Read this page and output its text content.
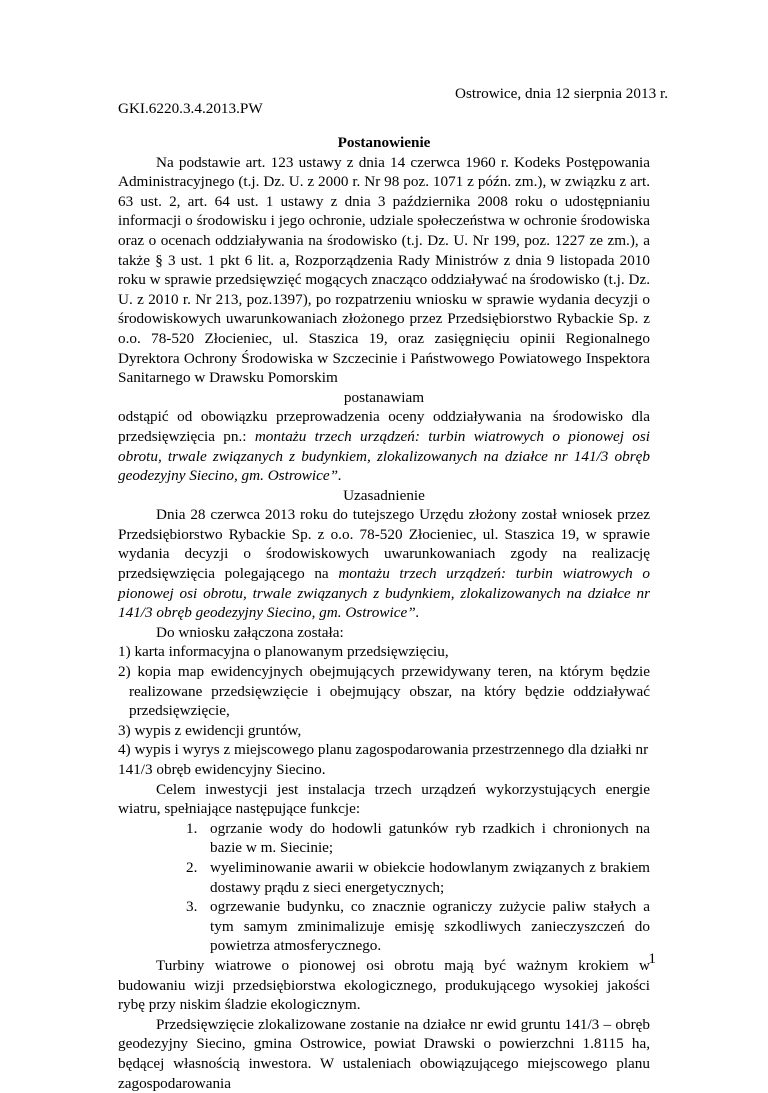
Ostrowice, dnia 12 sierpnia 2013 r.
GKI.6220.3.4.2013.PW

Postanowienie

Na podstawie art. 123 ustawy z dnia 14 czerwca 1960 r. Kodeks Postępowania Administracyjnego (t.j. Dz. U. z 2000 r. Nr 98 poz. 1071 z późn. zm.), w związku z art. 63 ust. 2, art. 64 ust. 1 ustawy z dnia 3 października 2008 roku o udostępnianiu informacji o środowisku i jego ochronie, udziale społeczeństwa w ochronie środowiska oraz o ocenach oddziaływania na środowisko (t.j. Dz. U. Nr 199, poz. 1227 ze zm.), a także § 3 ust. 1 pkt 6 lit. a, Rozporządzenia Rady Ministrów z dnia 9 listopada 2010 roku w sprawie przedsięwzięć mogących znacząco oddziaływać na środowisko (t.j. Dz. U. z 2010 r. Nr 213, poz.1397), po rozpatrzeniu wniosku w sprawie wydania decyzji o środowiskowych uwarunkowaniach złożonego przez Przedsiębiorstwo Rybackie Sp. z o.o. 78-520 Złocieniec, ul. Staszica 19, oraz zasięgnięciu opinii Regionalnego Dyrektora Ochrony Środowiska w Szczecinie i Państwowego Powiatowego Inspektora Sanitarnego w Drawsku Pomorskim

postanawiam

odstąpić od obowiązku przeprowadzenia oceny oddziaływania na środowisko dla przedsięwzięcia pn.: montażu trzech urządzeń: turbin wiatrowych o pionowej osi obrotu, trwale związanych z budynkiem, zlokalizowanych na działce nr 141/3 obręb geodezyjny Siecino, gm. Ostrowice”.

Uzasadnienie

Dnia 28 czerwca 2013 roku do tutejszego Urzędu złożony został wniosek przez Przedsiębiorstwo Rybackie Sp. z o.o. 78-520 Złocieniec, ul. Staszica 19, w sprawie wydania decyzji o środowiskowych uwarunkowaniach zgody na realizację przedsięwzięcia polegającego na montażu trzech urządzeń: turbin wiatrowych o pionowej osi obrotu, trwale związanych z budynkiem, zlokalizowanych na działce nr 141/3 obręb geodezyjny Siecino, gm. Ostrowice”.

Do wniosku załączona została:

1) karta informacyjna o planowanym przedsięwzięciu,

2) kopia map ewidencyjnych obejmujących przewidywany teren, na którym będzie realizowane przedsięwzięcie i obejmujący obszar, na który będzie oddziaływać przedsięwzięcie,

3) wypis z ewidencji gruntów,

4) wypis i wyrys z miejscowego planu zagospodarowania przestrzennego dla działki nr 141/3 obręb ewidencyjny Siecino.

Celem inwestycji jest instalacja trzech urządzeń wykorzystujących energie wiatru, spełniające następujące funkcje:

1. ogrzanie wody do hodowli gatunków ryb rzadkich i chronionych na bazie w m. Siecinie;
2. wyeliminowanie awarii w obiekcie hodowlanym związanych z brakiem dostawy prądu z sieci energetycznych;
3. ogrzewanie budynku, co znacznie ograniczy zużycie paliw stałych a tym samym zminimalizuje emisję szkodliwych zanieczyszczeń do powietrza atmosferycznego.

Turbiny wiatrowe o pionowej osi obrotu mają być ważnym krokiem w budowaniu wizji przedsiębiorstwa ekologicznego, produkującego wysokiej jakości rybę przy niskim śladzie ekologicznym.

Przedsięwzięcie zlokalizowane zostanie na działce nr ewid gruntu 141/3 – obręb geodezyjny Siecino, gmina Ostrowice, powiat Drawski o powierzchni 1.8115 ha, będącej własnością inwestora. W ustaleniach obowiązującego miejscowego planu zagospodarowania

1
